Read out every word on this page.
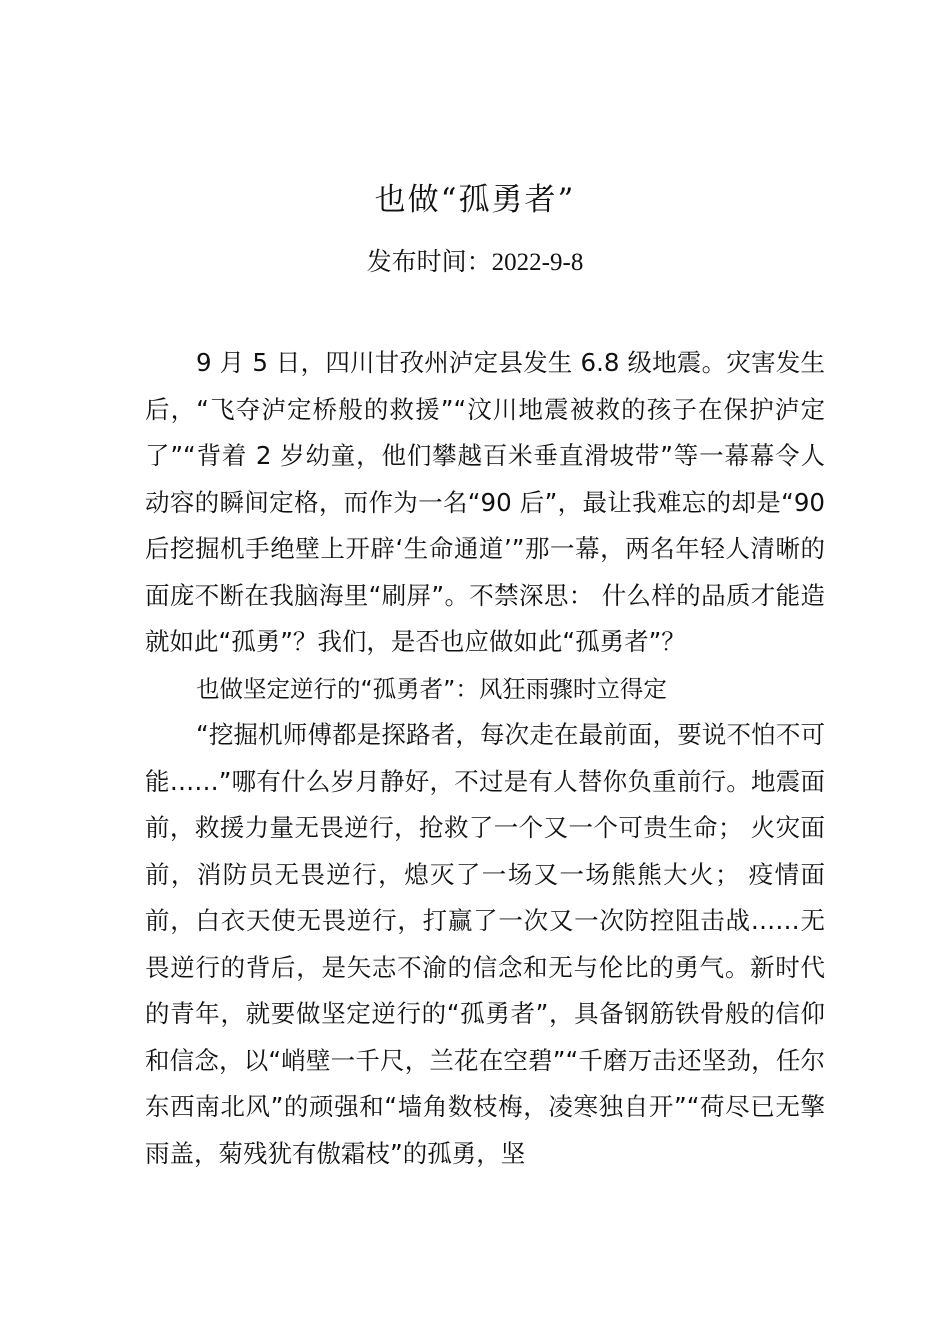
也做“孤勇者”
发布时间：2022-9-8

9 月 5 日，四川甘孜州泸定县发生 6.8 级地震。灾害发生后，“飞夺泸定桥般的救援”“汶川地震被救的孩子在保护泸定了”“背着 2 岁幼童，他们攀越百米垂直滑坡带”等一幕幕令人动容的瞬间定格，而作为一名“90 后”，最让我难忘的却是“90后挖掘机手绝壁上开辟‘生命通道’”那一幕，两名年轻人清晰的面庞不断在我脑海里“刷屏”。不禁深思： 什么样的品质才能造就如此“孤勇”？我们，是否也应做如此“孤勇者”？

也做坚定逆行的“孤勇者”：风狂雨骤时立得定

“挖掘机师傅都是探路者，每次走在最前面，要说不怕不可能……”哪有什么岁月静好，不过是有人替你负重前行。地震面前，救援力量无畏逆行，抢救了一个又一个可贵生命； 火灾面前，消防员无畏逆行，熄灭了一场又一场熊熊大火； 疫情面前，白衣天使无畏逆行，打赢了一次又一次防控阻击战……无畏逆行的背后，是矢志不渝的信念和无与伦比的勇气。新时代的青年，就要做坚定逆行的“孤勇者”，具备钢筋铁骨般的信仰和信念，以“峭壁一千尺，兰花在空碧”“千磨万击还坚劲，任尔东西南北风”的顽强和“墙角数枝梅，凌寒独自开”“荷尽已无擎雨盖，菊残犹有傲霜枝”的孤勇，坚
